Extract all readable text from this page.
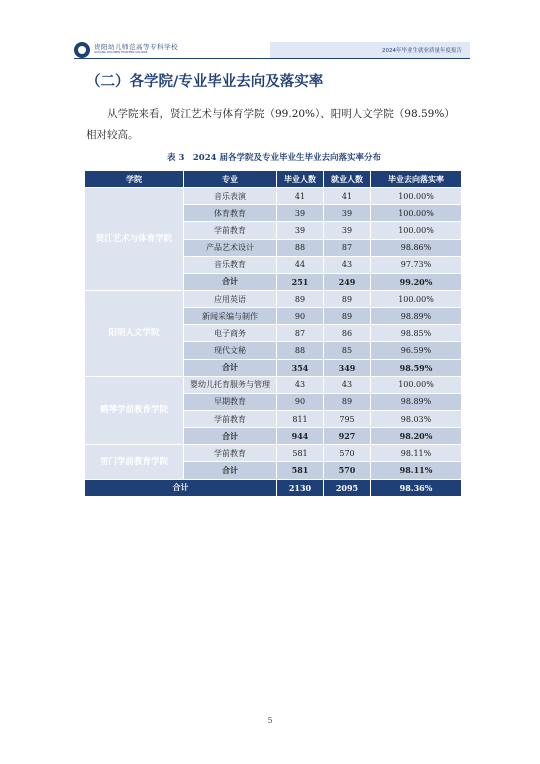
贵阳幼儿师范高等专科学校
GUIYANG CHILDREN TEACHERS COLLEGE	2024年毕业生就业质量年度报告
（二）各学院/专业毕业去向及落实率
从学院来看，贤江艺术与体育学院（99.20%）、阳明人文学院（98.59%）相对较高。
表 3　2024 届各学院及专业毕业生毕业去向落实率分布
学院	专业	毕业人数	就业人数	毕业去向落实率
贤江艺术与体育学院	音乐表演	41	41	100.00%
	体育教育	39	39	100.00%
	学前教育	39	39	100.00%
	产品艺术设计	88	87	98.86%
	音乐教育	44	43	97.73%
	合计	251	249	99.20%
阳明人文学院	应用英语	89	89	100.00%
	新闻采编与制作	90	89	98.89%
	电子商务	87	86	98.85%
	现代文秘	88	85	96.59%
	合计	354	349	98.59%
鹤琴学前教育学院	婴幼儿托育服务与管理	43	43	100.00%
	早期教育	90	89	98.89%
	学前教育	811	795	98.03%
	合计	944	927	98.20%
雪门学前教育学院	学前教育	581	570	98.11%
	合计	581	570	98.11%
合计		2130	2095	98.36%
5
